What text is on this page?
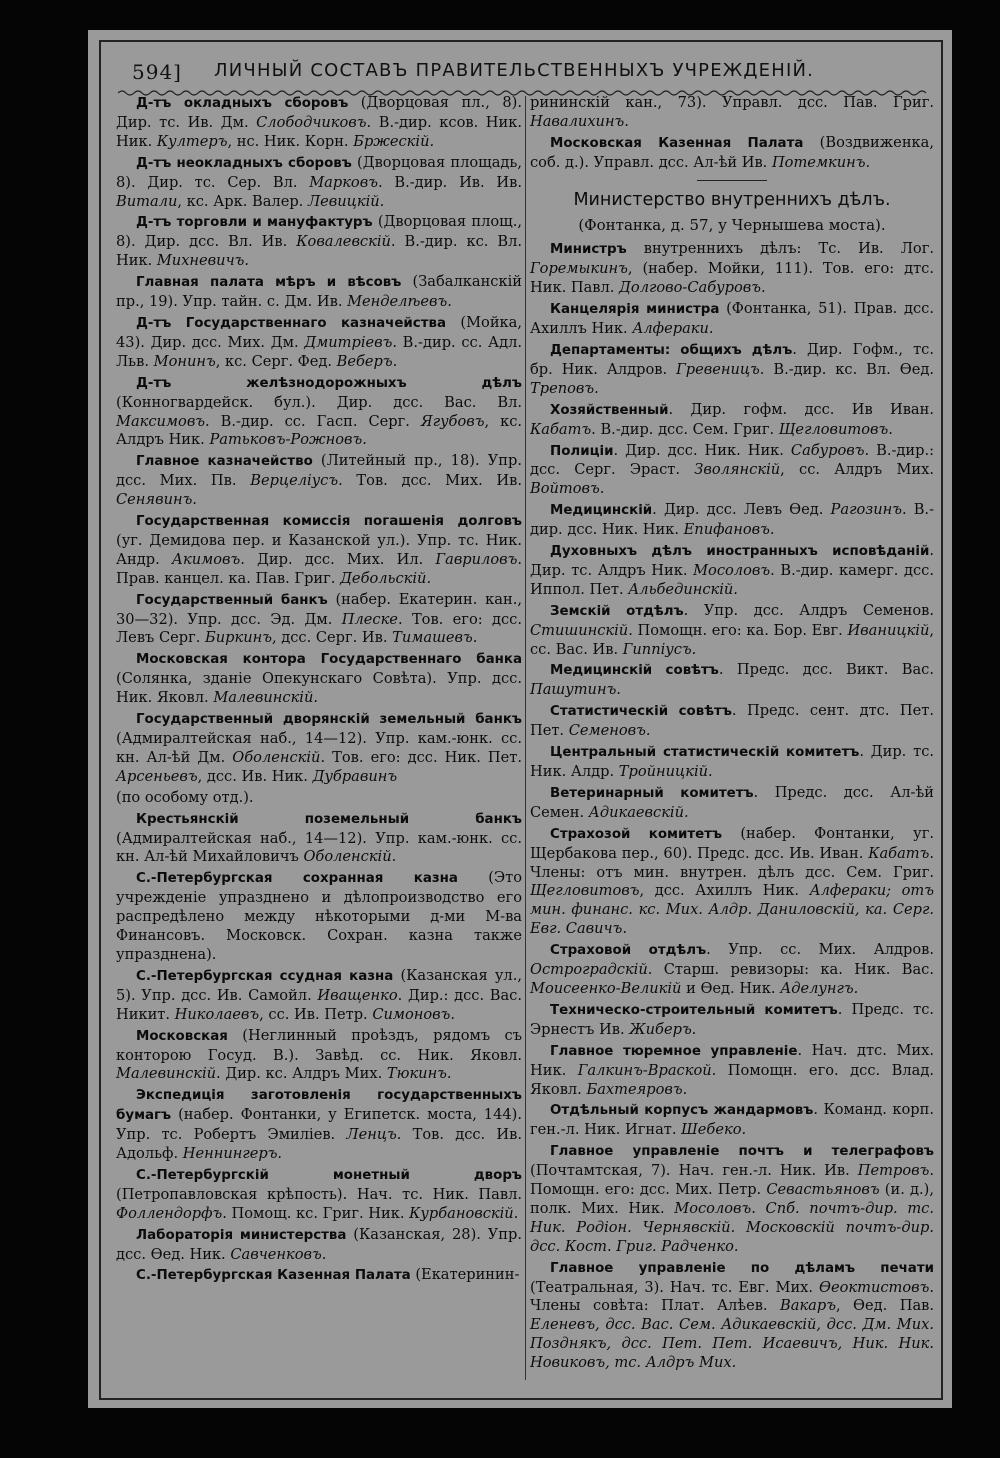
594] ЛИЧНЫЙ СОСТАВЪ ПРАВИТЕЛЬСТВЕННЫХЪ УЧРЕЖДЕНІЙ.

Д-тъ окладныхъ сборовъ (Дворцовая пл., 8). Дир. тс. Ив. Дм. Слободчиковъ. В.-дир. ксов. Ник. Ник. Култеръ, нс. Ник. Корн. Бржескій.

Д-тъ неокладныхъ сборовъ (Дворцовая площадь, 8). Дир. тс. Сер. Вл. Марковъ. В.-дир. Ив. Ив. Витали, кс. Арк. Валер. Левицкій.

Д-тъ торговли и мануфактуръ (Дворцовая площ., 8). Дир. дсс. Вл. Ив. Ковалевскій. В.-дир. кс. Вл. Ник. Михневичъ.

Главная палата мѣръ и вѣсовъ (Забалканскій пр., 19). Упр. тайн. с. Дм. Ив. Менделѣевъ.

Д-тъ Государственнаго казначейства (Мойка, 43). Дир. дсс. Мих. Дм. Дмитріевъ. В.-дир. сс. Адл. Льв. Монинъ, кс. Серг. Фед. Веберъ.

Д-тъ желѣзнодорожныхъ дѣлъ (Конногвардейск. бул.). Дир. дсс. Вас. Вл. Максимовъ. В.-дир. сс. Гасп. Серг. Ягубовъ, кс. Алдръ Ник. Ратьковъ-Рожновъ.

Главное казначейство (Литейный пр., 18). Упр. дсс. Мих. Пв. Верцеліусъ. Тов. дсс. Мих. Ив. Сенявинъ.

Государственная комиссія погашенія долговъ (уг. Демидова пер. и Казанской ул.). Упр. тс. Ник. Андр. Акимовъ. Дир. дсс. Мих. Ил. Гавриловъ. Прав. канцел. ка. Пав. Григ. Дебольскій.

Государственный банкъ (набер. Екатерин. кан., 30—32). Упр. дсс. Эд. Дм. Плеске. Тов. его: дсс. Левъ Серг. Биркинъ, дсс. Серг. Ив. Тимашевъ.

Московская контора Государственнаго банка (Солянка, зданіе Опекунскаго Совѣта). Упр. дсс. Ник. Яковл. Малевинскій.

Государственный дворянскій земельный банкъ (Адмиралтейская наб., 14—12). Упр. кам.-юнк. сс. кн. Ал-ѣй Дм. Оболенскій. Тов. его: дсс. Ник. Пет. Арсеньевъ, дсс. Ив. Ник. Дубравинъ

(по особому отд.).

Крестьянскій поземельный банкъ (Адмиралтейская наб., 14—12). Упр. кам.-юнк. сс. кн. Ал-ѣй Михайловичъ Оболенскій.

С.-Петербургская сохранная казна (Это учрежденіе упразднено и дѣлопроизводство его распредѣлено между нѣкоторыми д-ми М-ва Финансовъ. Московск. Сохран. казна также упразднена).

С.-Петербургская ссудная казна (Казанская ул., 5). Упр. дсс. Ив. Самойл. Иващенко. Дир.: дсс. Вас. Никит. Николаевъ, сс. Ив. Петр. Симоновъ.

Московская (Неглинный проѣздъ, рядомъ съ конторою Госуд. В.). Завѣд. сс. Ник. Яковл. Малевинскій. Дир. кс. Алдръ Мих. Тюкинъ.

Экспедиція заготовленія государственныхъ бумагъ (набер. Фонтанки, у Египетск. моста, 144). Упр. тс. Робертъ Эмиліев. Ленцъ. Тов. дсс. Ив. Адольф. Неннингеръ.

С.-Петербургскій монетный дворъ (Петропавловская крѣпость). Нач. тс. Ник. Павл. Фоллендорфъ. Помощ. кс. Григ. Ник. Курбановскій.

Лабораторія министерства (Казанская, 28). Упр. дсс. Ѳед. Ник. Савченковъ.

С.-Петербургская Казенная Палата (Екатеринин-

рининскій кан., 73). Управл. дсс. Пав. Григ. Навалихинъ.

Московская Казенная Палата (Воздвиженка, соб. д.). Управл. дсс. Ал-ѣй Ив. Потемкинъ.

Министерство внутреннихъ дѣлъ.
(Фонтанка, д. 57, у Чернышева моста).

Министръ внутреннихъ дѣлъ: Тс. Ив. Лог. Горемыкинъ, (набер. Мойки, 111). Тов. его: дтс. Ник. Павл. Долгово-Сабуровъ.

Канцелярія министра (Фонтанка, 51). Прав. дсс. Ахиллъ Ник. Алфераки.

Департаменты: общихъ дѣлъ. Дир. Гофм., тс. бр. Ник. Алдров. Гревеницъ. В.-дир. кс. Вл. Ѳед. Треповъ.

Хозяйственный. Дир. гофм. дсс. Ив Иван. Кабатъ. В.-дир. дсс. Сем. Григ. Щегловитовъ.

Полиціи. Дир. дсс. Ник. Ник. Сабуровъ. В.-дир.: дсс. Серг. Эраст. Зволянскій, сс. Алдръ Мих. Войтовъ.

Медицинскій. Дир. дсс. Левъ Ѳед. Рагозинъ. В.-дир. дсс. Ник. Ник. Епифановъ.

Духовныхъ дѣлъ иностранныхъ исповѣданій. Дир. тс. Алдръ Ник. Мосоловъ. В.-дир. камерг. дсс. Иппол. Пет. Альбединскій.

Земскій отдѣлъ. Упр. дсс. Алдръ Семенов. Стишинскій. Помощн. его: ка. Бор. Евг. Иваницкій, сс. Вас. Ив. Гиппіусъ.

Медицинскій совѣтъ. Предс. дсс. Викт. Вас. Пашутинъ.

Статистическій совѣтъ. Предс. сент. дтс. Пет. Пет. Семеновъ.

Центральный статистическій комитетъ. Дир. тс. Ник. Алдр. Тройницкій.

Ветеринарный комитетъ. Предс. дсс. Ал-ѣй Семен. Адикаевскій.

Страхозой комитетъ (набер. Фонтанки, уг. Щербакова пер., 60). Предс. дсс. Ив. Иван. Кабатъ. Члены: отъ мин. внутрен. дѣлъ дсс. Сем. Григ. Щегловитовъ, дсс. Ахиллъ Ник. Алфераки; отъ мин. финанс. кс. Мих. Алдр. Даниловскій, ка. Серг. Евг. Савичъ.

Страховой отдѣлъ. Упр. сс. Мих. Алдров. Остроградскій. Старш. ревизоры: ка. Ник. Вас. Моисеенко-Великій и Ѳед. Ник. Аделунгъ.

Техническо-строительный комитетъ. Предс. тс. Эрнестъ Ив. Жиберъ.

Главное тюремное управленіе. Нач. дтс. Мих. Ник. Галкинъ-Враской. Помощн. его. дсс. Влад. Яковл. Бахтеяровъ.

Отдѣльный корпусъ жандармовъ. Команд. корп. ген.-л. Ник. Игнат. Шебеко.

Главное управленіе почтъ и телеграфовъ (Почтамтская, 7). Нач. ген.-л. Ник. Ив. Петровъ. Помощн. его: дсс. Мих. Петр. Севастьяновъ (и. д.), полк. Мих. Ник. Мосоловъ. Спб. почтъ-дир. тс. Ник. Родіон. Чернявскій. Московскій почтъ-дир. дсс. Кост. Григ. Радченко.

Главное управленіе по дѣламъ печати (Театральная, 3). Нач. тс. Евг. Мих. Ѳеоктистовъ. Члены совѣта: Плат. Алѣев. Вакаръ, Ѳед. Пав. Еленевъ, дсс. Вас. Сем. Адикаевскій, дсс. Дм. Мих. Позднякъ, дсс. Пет. Пет. Исаевичъ, Ник. Ник. Новиковъ, тс. Алдръ Мих.
